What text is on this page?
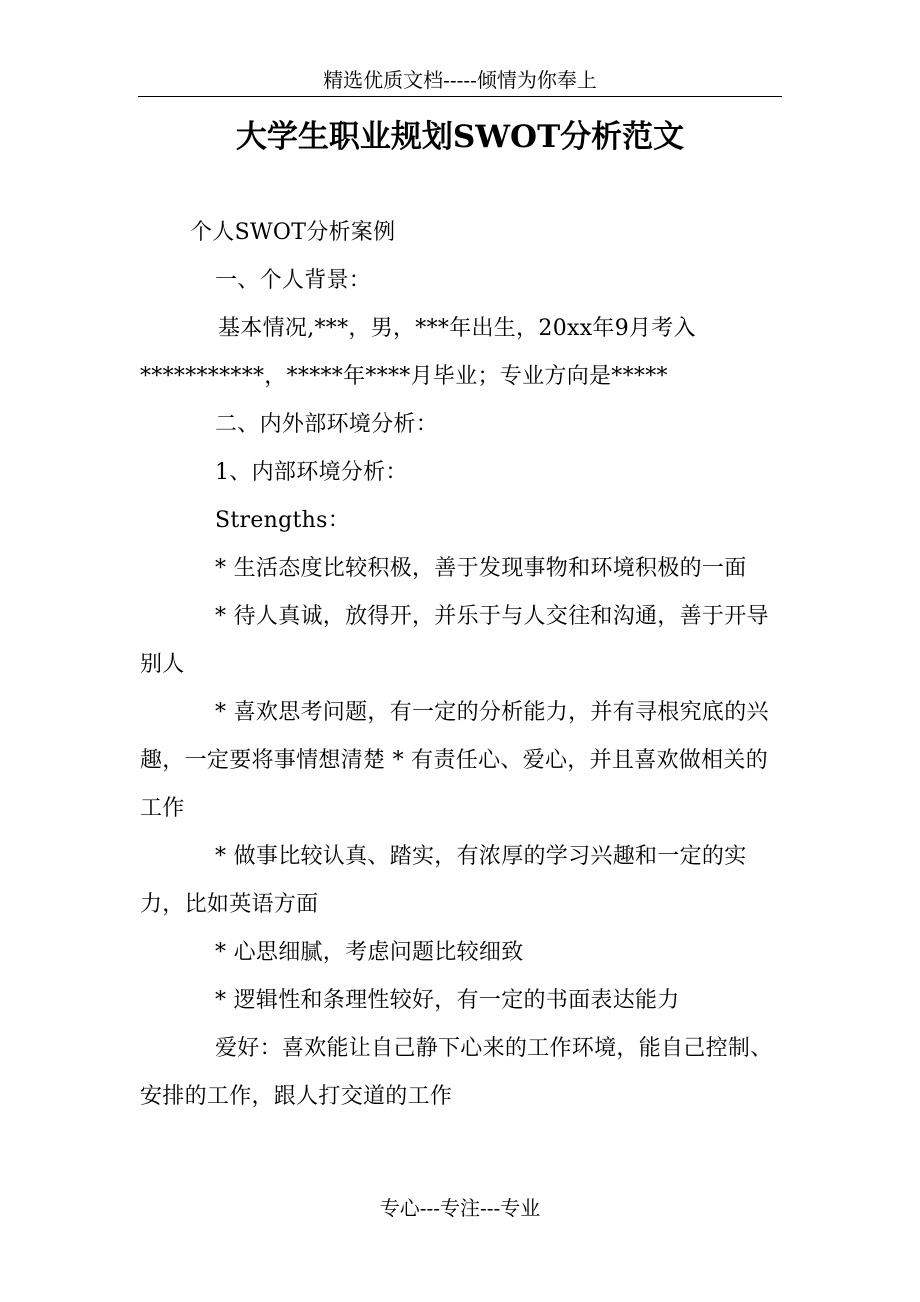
精选优质文档-----倾情为你奉上
大学生职业规划SWOT分析范文

个人SWOT分析案例

一、个人背景：

基本情况,***，男，***年出生，20xx年9月考入***********，*****年****月毕业；专业方向是*****

二、内外部环境分析：

1、内部环境分析：

Strengths：

* 生活态度比较积极，善于发现事物和环境积极的一面

* 待人真诚，放得开，并乐于与人交往和沟通，善于开导别人

* 喜欢思考问题，有一定的分析能力，并有寻根究底的兴趣，一定要将事情想清楚 * 有责任心、爱心，并且喜欢做相关的工作

* 做事比较认真、踏实，有浓厚的学习兴趣和一定的实力，比如英语方面

* 心思细腻，考虑问题比较细致

* 逻辑性和条理性较好，有一定的书面表达能力

爱好：喜欢能让自己静下心来的工作环境，能自己控制、安排的工作，跟人打交道的工作

专心---专注---专业
